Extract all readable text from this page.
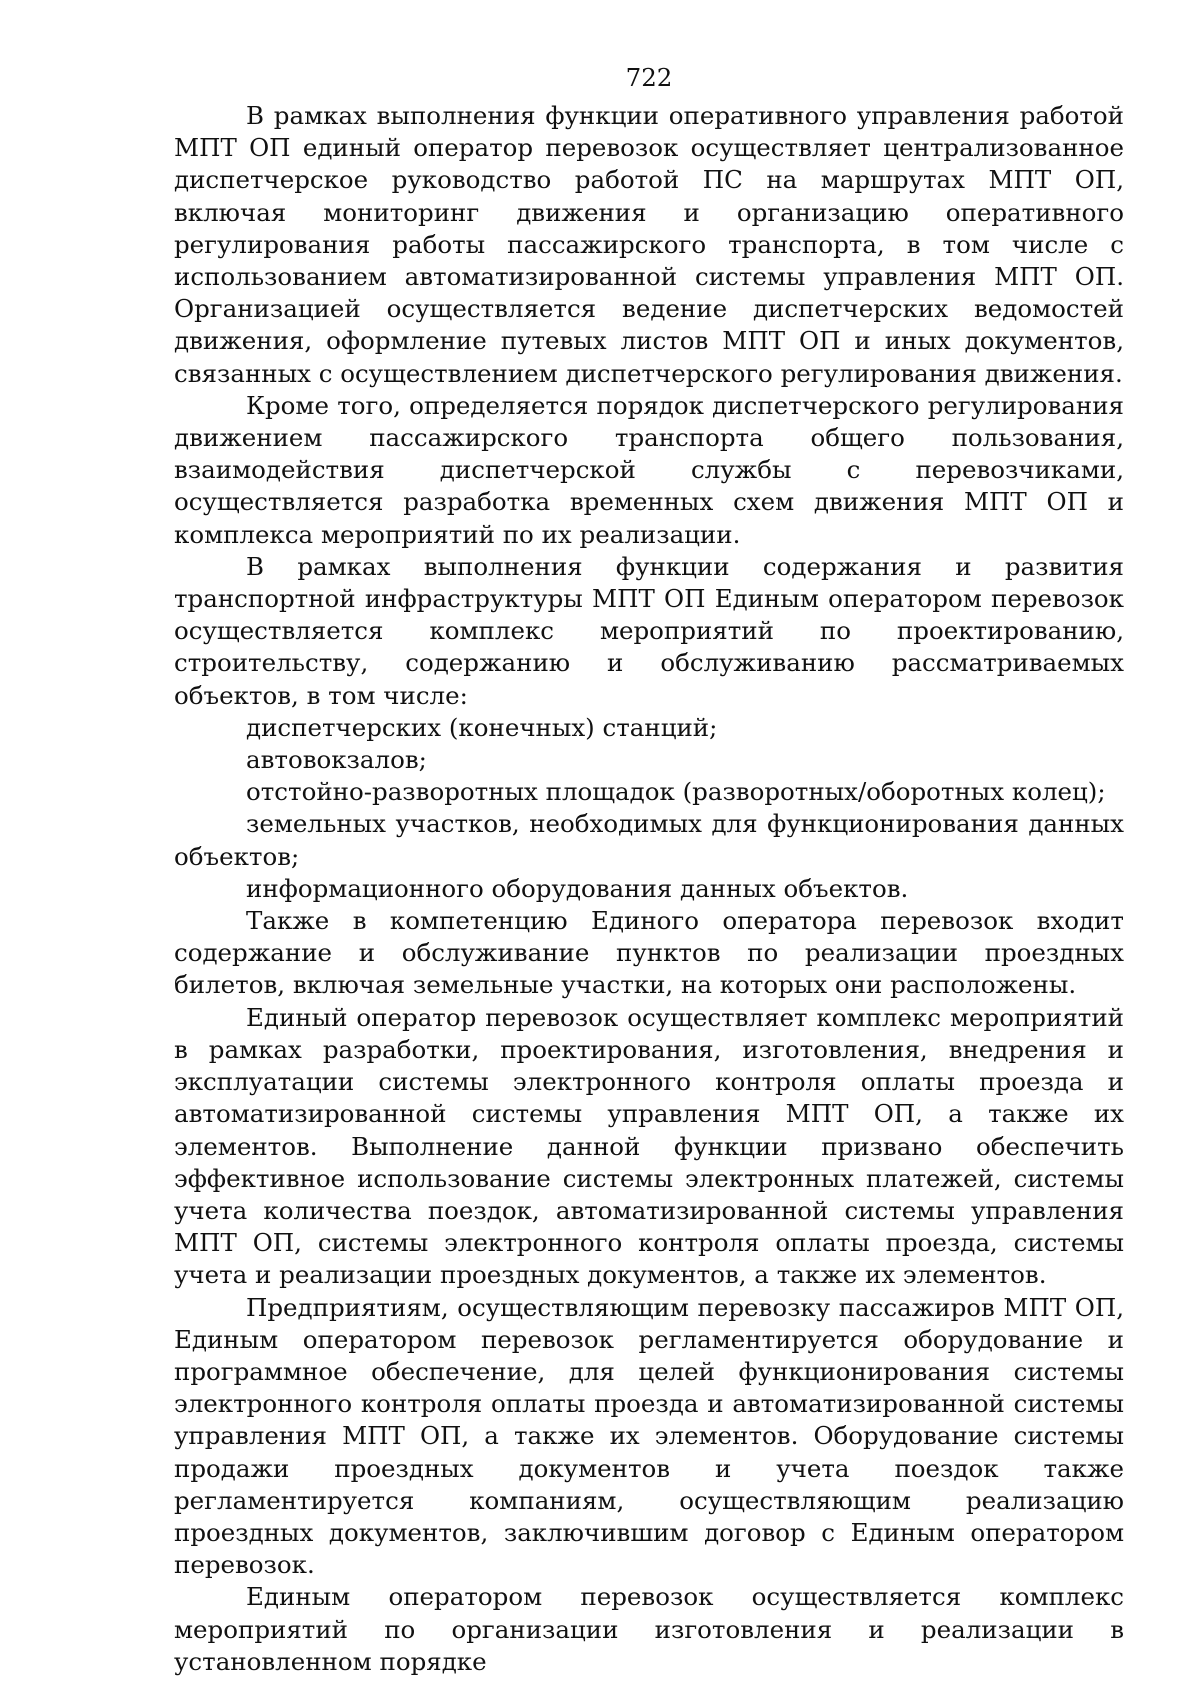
722

В рамках выполнения функции оперативного управления работой МПТ ОП единый оператор перевозок осуществляет централизованное диспетчерское руководство работой ПС на маршрутах МПТ ОП, включая мониторинг движения и организацию оперативного регулирования работы пассажирского транспорта, в том числе с использованием автоматизированной системы управления МПТ ОП. Организацией осуществляется ведение диспетчерских ведомостей движения, оформление путевых листов МПТ ОП и иных документов, связанных с осуществлением диспетчерского регулирования движения.

Кроме того, определяется порядок диспетчерского регулирования движением пассажирского транспорта общего пользования, взаимодействия диспетчерской службы с перевозчиками, осуществляется разработка временных схем движения МПТ ОП и комплекса мероприятий по их реализации.

В рамках выполнения функции содержания и развития транспортной инфраструктуры МПТ ОП Единым оператором перевозок осуществляется комплекс мероприятий по проектированию, строительству, содержанию и обслуживанию рассматриваемых объектов, в том числе:

диспетчерских (конечных) станций;

автовокзалов;

отстойно-разворотных площадок (разворотных/оборотных колец);

земельных участков, необходимых для функционирования данных объектов;

информационного оборудования данных объектов.

Также в компетенцию Единого оператора перевозок входит содержание и обслуживание пунктов по реализации проездных билетов, включая земельные участки, на которых они расположены.

Единый оператор перевозок осуществляет комплекс мероприятий в рамках разработки, проектирования, изготовления, внедрения и эксплуатации системы электронного контроля оплаты проезда и автоматизированной системы управления МПТ ОП, а также их элементов. Выполнение данной функции призвано обеспечить эффективное использование системы электронных платежей, системы учета количества поездок, автоматизированной системы управления МПТ ОП, системы электронного контроля оплаты проезда, системы учета и реализации проездных документов, а также их элементов.

Предприятиям, осуществляющим перевозку пассажиров МПТ ОП, Единым оператором перевозок регламентируется оборудование и программное обеспечение, для целей функционирования системы электронного контроля оплаты проезда и автоматизированной системы управления МПТ ОП, а также их элементов. Оборудование системы продажи проездных документов и учета поездок также регламентируется компаниям, осуществляющим реализацию проездных документов, заключившим договор с Единым оператором перевозок.

Единым оператором перевозок осуществляется комплекс мероприятий по организации изготовления и реализации в установленном порядке
